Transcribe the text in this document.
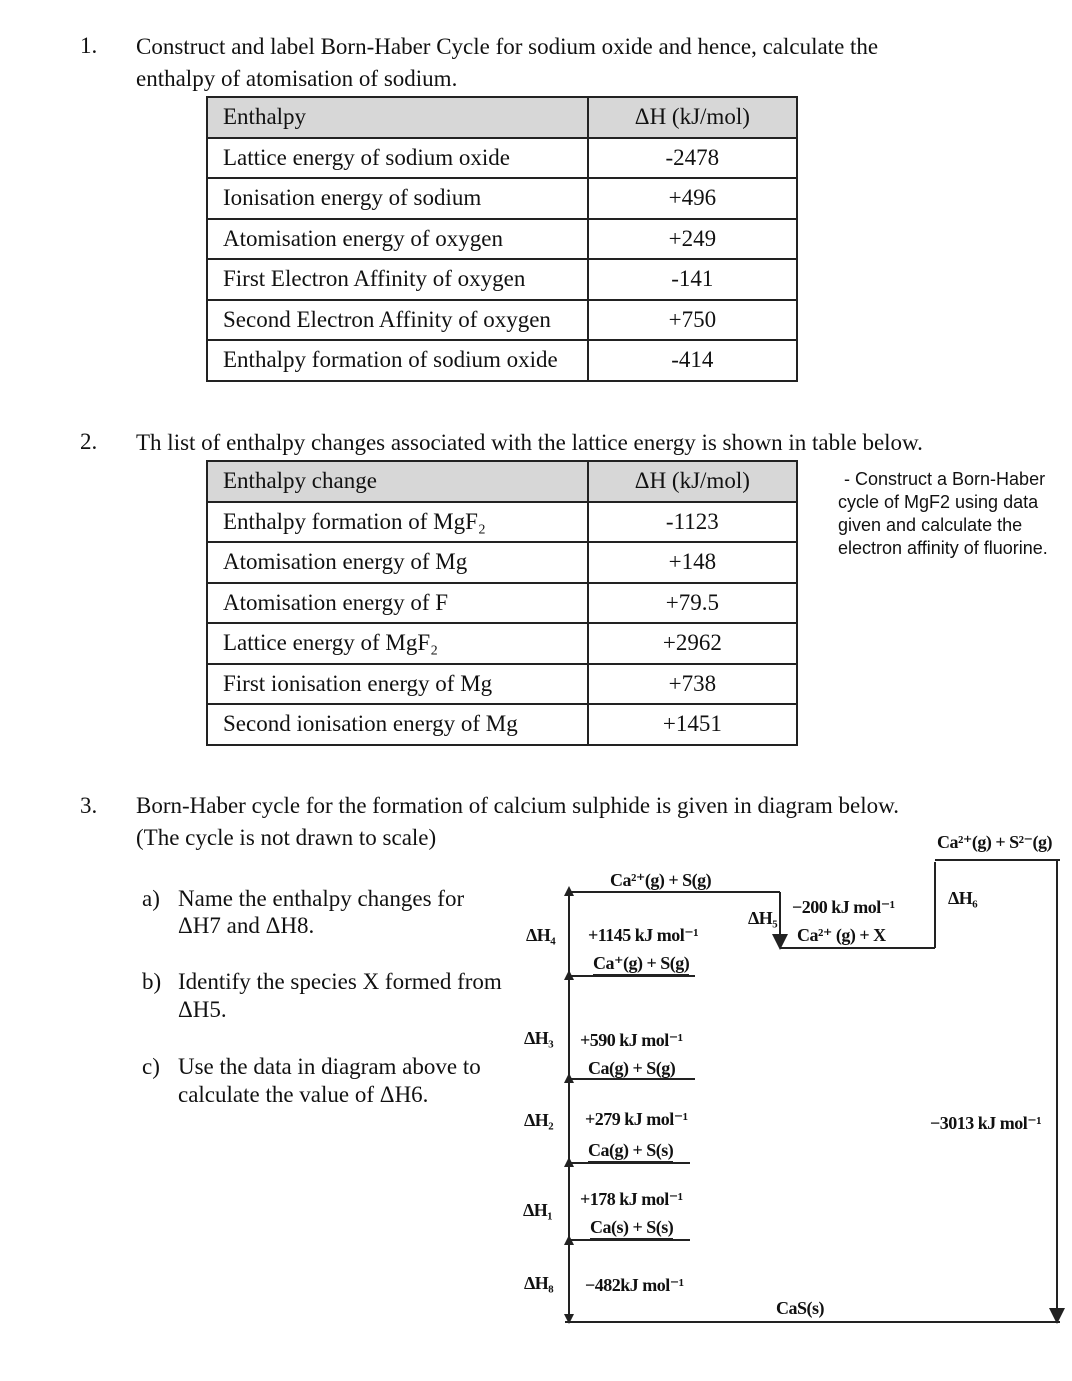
1. Construct and label Born-Haber Cycle for sodium oxide and hence, calculate the
enthalpy of atomisation of sodium.
Enthalpy	ΔH (kJ/mol)
Lattice energy of sodium oxide	-2478
Ionisation energy of sodium	+496
Atomisation energy of oxygen	+249
First Electron Affinity of oxygen	-141
Second Electron Affinity of oxygen	+750
Enthalpy formation of sodium oxide	-414
2. Th list of enthalpy changes associated with the lattice energy is shown in table below.
Enthalpy change	ΔH (kJ/mol)
Enthalpy formation of MgF₂	-1123
Atomisation energy of Mg	+148
Atomisation energy of F	+79.5
Lattice energy of MgF₂	+2962
First ionisation energy of Mg	+738
Second ionisation energy of Mg	+1451
- Construct a Born-Haber
cycle of MgF2 using data
given and calculate the
electron affinity of fluorine.
3. Born-Haber cycle for the formation of calcium sulphide is given in diagram below.
(The cycle is not drawn to scale)
a) Name the enthalpy changes for
ΔH7 and ΔH8.
b) Identify the species X formed from
ΔH5.
c) Use the data in diagram above to
calculate the value of ΔH6.
Ca²⁺(g) + S²⁻(g)
Ca²⁺(g) + S(g)
ΔH₄ +1145 kJ mol⁻¹
Ca⁺(g) + S(g)
ΔH₅
−200 kJ mol⁻¹
Ca²⁺ (g) + X
ΔH₆
ΔH₃ +590 kJ mol⁻¹
Ca(g) + S(g)
ΔH₂ +279 kJ mol⁻¹
Ca(g) + S(s)
−3013 kJ mol⁻¹
ΔH₁
+178 kJ mol⁻¹
Ca(s) + S(s)
ΔH₈ −482kJ mol⁻¹
CaS(s)
